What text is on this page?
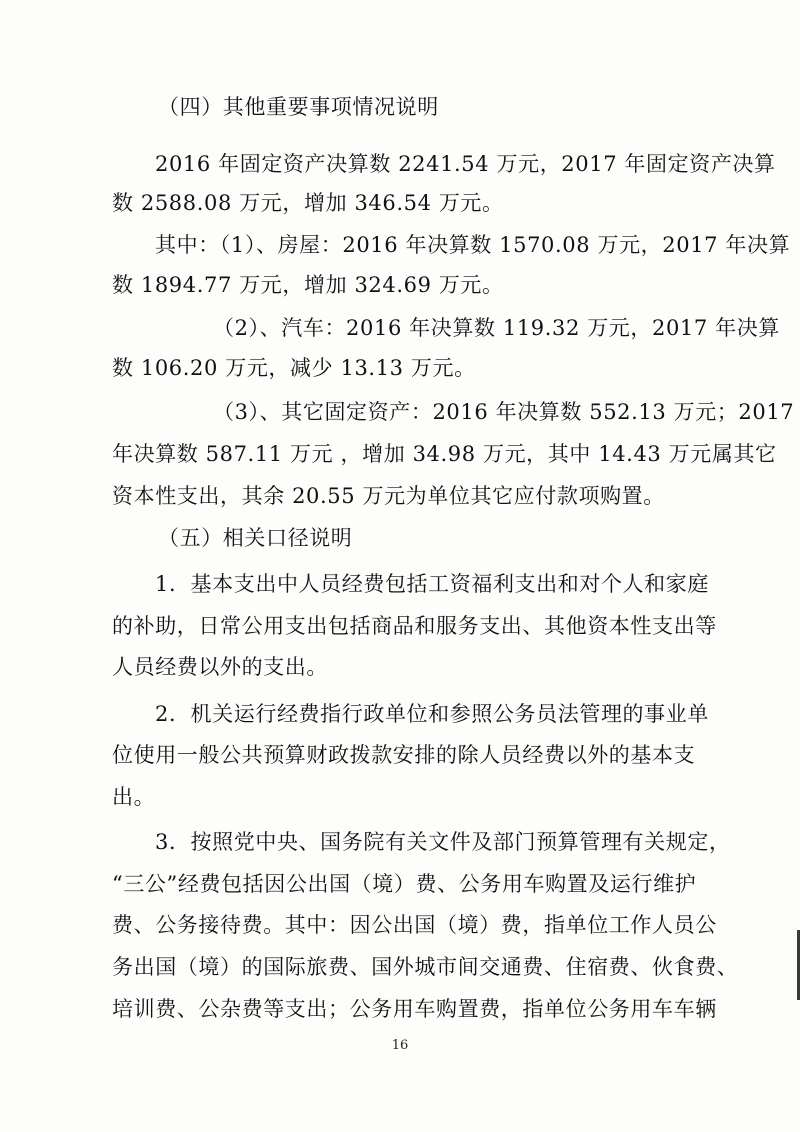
（四）其他重要事项情况说明
2016 年固定资产决算数 2241.54 万元，2017 年固定资产决算
数 2588.08 万元，增加 346.54 万元。
其中：（1）、房屋：2016 年决算数 1570.08 万元，2017 年决算
数 1894.77 万元，增加 324.69 万元。
（2）、汽车：2016 年决算数 119.32 万元，2017 年决算
数 106.20 万元，减少 13.13 万元。
（3）、其它固定资产：2016 年决算数 552.13 万元；2017
年决算数 587.11 万元 ，增加 34.98 万元，其中 14.43 万元属其它
资本性支出，其余 20.55 万元为单位其它应付款项购置。
（五）相关口径说明
1．基本支出中人员经费包括工资福利支出和对个人和家庭
的补助，日常公用支出包括商品和服务支出、其他资本性支出等
人员经费以外的支出。
2．机关运行经费指行政单位和参照公务员法管理的事业单
位使用一般公共预算财政拨款安排的除人员经费以外的基本支
出。
3．按照党中央、国务院有关文件及部门预算管理有关规定，
“三公”经费包括因公出国（境）费、公务用车购置及运行维护
费、公务接待费。其中：因公出国（境）费，指单位工作人员公
务出国（境）的国际旅费、国外城市间交通费、住宿费、伙食费、
培训费、公杂费等支出；公务用车购置费，指单位公务用车车辆
16
